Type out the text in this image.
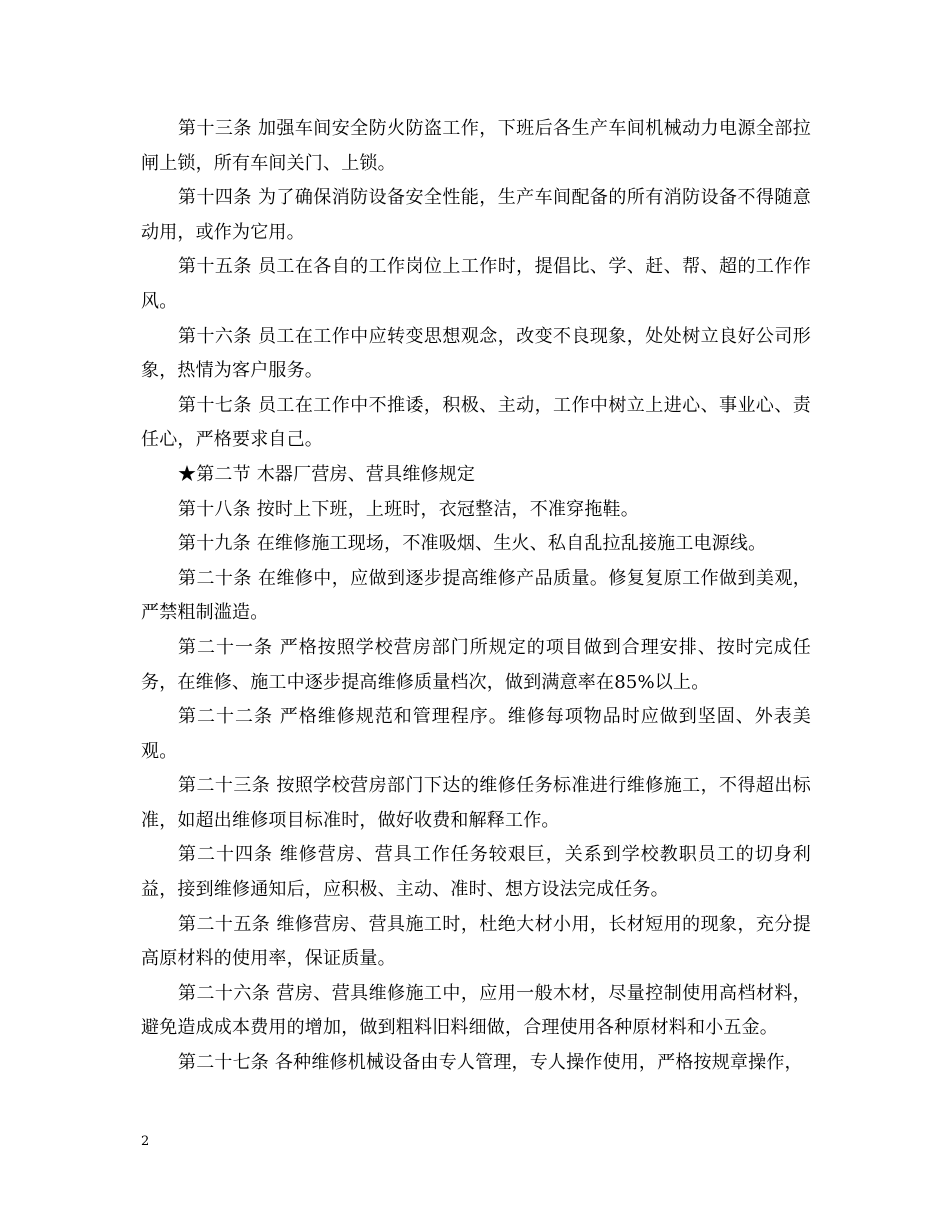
第十三条 加强车间安全防火防盗工作，下班后各生产车间机械动力电源全部拉闸上锁，所有车间关门、上锁。

第十四条 为了确保消防设备安全性能，生产车间配备的所有消防设备不得随意动用，或作为它用。

第十五条 员工在各自的工作岗位上工作时，提倡比、学、赶、帮、超的工作作风。

第十六条 员工在工作中应转变思想观念，改变不良现象，处处树立良好公司形象，热情为客户服务。

第十七条 员工在工作中不推诿，积极、主动，工作中树立上进心、事业心、责任心，严格要求自己。

★第二节 木器厂营房、营具维修规定

第十八条 按时上下班，上班时，衣冠整洁，不准穿拖鞋。

第十九条 在维修施工现场，不准吸烟、生火、私自乱拉乱接施工电源线。

第二十条 在维修中，应做到逐步提高维修产品质量。修复复原工作做到美观，严禁粗制滥造。

第二十一条 严格按照学校营房部门所规定的项目做到合理安排、按时完成任务，在维修、施工中逐步提高维修质量档次，做到满意率在85%以上。

第二十二条 严格维修规范和管理程序。维修每项物品时应做到坚固、外表美观。

第二十三条 按照学校营房部门下达的维修任务标准进行维修施工，不得超出标准，如超出维修项目标准时，做好收费和解释工作。

第二十四条 维修营房、营具工作任务较艰巨，关系到学校教职员工的切身利益，接到维修通知后，应积极、主动、准时、想方设法完成任务。

第二十五条 维修营房、营具施工时，杜绝大材小用，长材短用的现象，充分提高原材料的使用率，保证质量。

第二十六条 营房、营具维修施工中，应用一般木材，尽量控制使用高档材料，避免造成成本费用的增加，做到粗料旧料细做，合理使用各种原材料和小五金。

第二十七条 各种维修机械设备由专人管理，专人操作使用，严格按规章操作，

2
